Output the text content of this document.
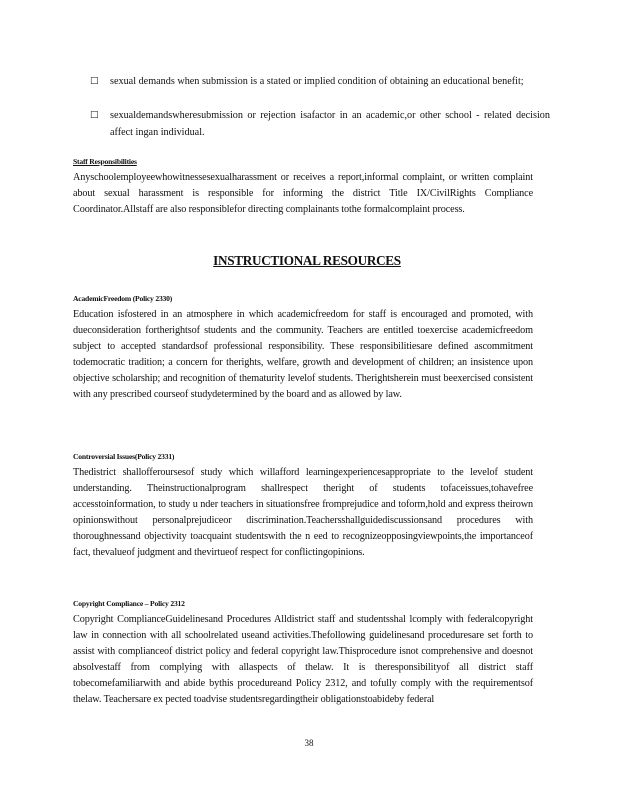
□	sexual demands when submission is a stated or implied condition of obtaining an educational benefit;
□	sexualdemandswheresubmission or rejection isafactor in an academic,or other school - related decision affect ingan individual.
Staff Responsibilities
Anyschoolemployeewhowitnessesexualharassment or receives a report,informal complaint, or written complaint about sexual harassment is responsible for informing the district Title IX/CivilRights Compliance Coordinator.Allstaff are also responsiblefor directing complainants tothe formalcomplaint process.
INSTRUCTIONAL RESOURCES
AcademicFreedom (Policy 2330)
Education isfostered in an atmosphere in which academicfreedom for staff is encouraged and promoted, with dueconsideration fortherightsof students and the community. Teachers are entitled toexercise academicfreedom subject to accepted standardsof professional responsibility. These responsibilitiesare defined ascommitment todemocratic tradition; a concern for therights, welfare, growth and development of children; an insistence upon objective scholarship; and recognition of thematurity levelof students. Therightsherein must beexercised consistent with any prescribed courseof studydetermined by the board and as allowed by law.
Controversial Issues(Policy 2331)
Thedistrict shallofferoursesof study which willafford learningexperiencesappropriate to the levelof student understanding. Theinstructionalprogram shallrespect theright of students tofaceissues,tohavefree accesstoinformation, to study u nder teachers in situationsfree fromprejudice and toform,hold and express theirown opinionswithout personalprejudiceor discrimination.Teachersshallguidediscussionsand procedures with thoroughnessand objectivity toacquaint studentswith the n eed to recognizeopposingviewpoints,the importanceof fact, thevalueof judgment and thevirtueof respect for conflictingopinions.
Copyright Compliance – Policy 2312
Copyright ComplianceGuidelinesand Procedures Alldistrict staff and studentsshal lcomply with federalcopyright law in connection with all schoolrelated useand activities.Thefollowing guidelinesand proceduresare set forth to assist with complianceof district policy and federal copyright law.Thisprocedure isnot comprehensive and doesnot absolvestaff from complying with allaspects of thelaw. It is theresponsibilityof all district staff tobecomefamiliarwith and abide bythis procedureand Policy 2312, and tofully comply with the requirementsof thelaw. Teachersare ex pected toadvise studentsregardingtheir obligationstoabideby federal
38
